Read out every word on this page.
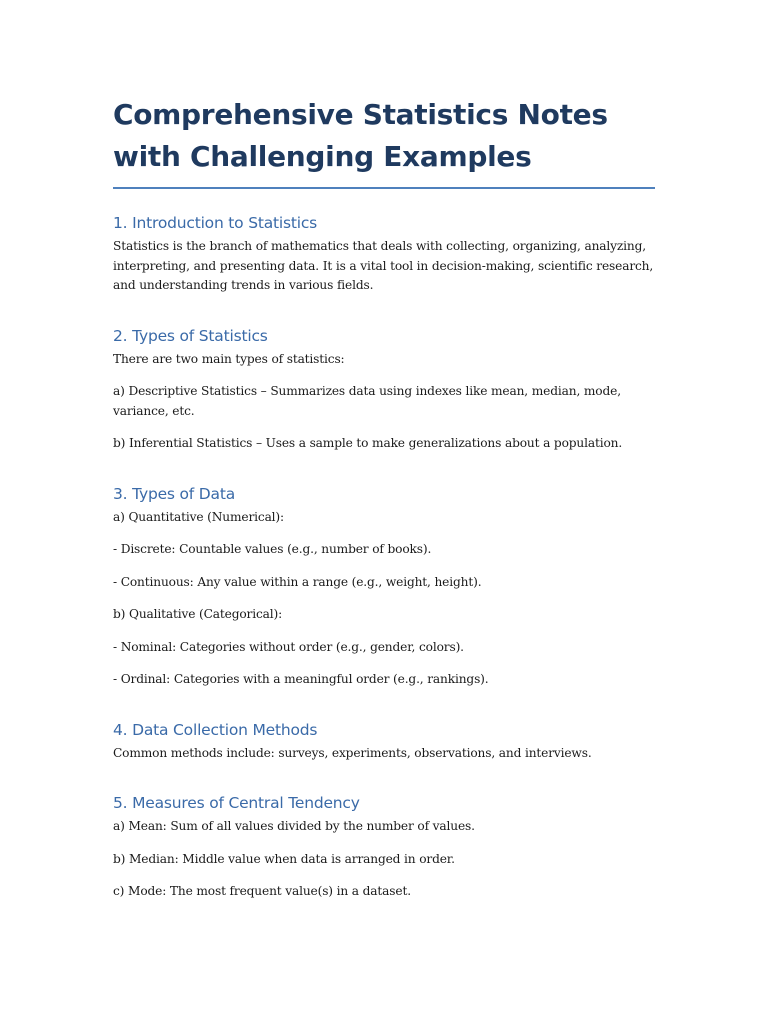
Comprehensive Statistics Notes with Challenging Examples
1. Introduction to Statistics

Statistics is the branch of mathematics that deals with collecting, organizing, analyzing, interpreting, and presenting data. It is a vital tool in decision-making, scientific research, and understanding trends in various fields.

2. Types of Statistics

There are two main types of statistics:

a) Descriptive Statistics – Summarizes data using indexes like mean, median, mode, variance, etc.

b) Inferential Statistics – Uses a sample to make generalizations about a population.

3. Types of Data

a) Quantitative (Numerical):

- Discrete: Countable values (e.g., number of books).

- Continuous: Any value within a range (e.g., weight, height).

b) Qualitative (Categorical):

- Nominal: Categories without order (e.g., gender, colors).

- Ordinal: Categories with a meaningful order (e.g., rankings).

4. Data Collection Methods

Common methods include: surveys, experiments, observations, and interviews.

5. Measures of Central Tendency

a) Mean: Sum of all values divided by the number of values.

b) Median: Middle value when data is arranged in order.

c) Mode: The most frequent value(s) in a dataset.
